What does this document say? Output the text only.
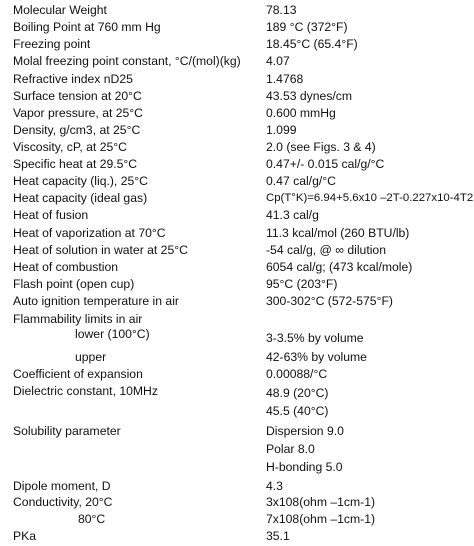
Molecular Weight	78.13
Boiling Point at 760 mm Hg	189 °C (372°F)
Freezing point	18.45°C (65.4°F)
Molal freezing point constant, °C/(mol)(kg) 4.07
Refractive index nD25	1.4768
Surface tension at 20°C	43.53 dynes/cm
Vapor pressure, at 25°C	0.600 mmHg
Density, g/cm3, at 25°C	1.099
Viscosity, cP, at 25°C	2.0 (see Figs. 3 & 4)
Specific heat at 29.5°C	0.47+/- 0.015 cal/g/°C
Heat capacity (liq.), 25°C	0.47 cal/g/°C
Heat capacity (ideal gas)	Cp(T°K)=6.94+5.6x10 –2T-0.227x10-4T2
Heat of fusion	41.3 cal/g
Heat of vaporization at 70°C	11.3 kcal/mol (260 BTU/lb)
Heat of solution in water at 25°C	-54 cal/g, @ ∞ dilution
Heat of combustion	6054 cal/g; (473 kcal/mole)
Flash point (open cup)	95°C (203°F)
Auto ignition temperature in air	300-302°C (572-575°F)
Flammability limits in air
lower (100°C)	3-3.5% by volume
upper	42-63% by volume
Coefficient of expansion	0.00088/°C
Dielectric constant, 10MHz	48.9 (20°C)
45.5 (40°C)
Solubility parameter	Dispersion 9.0
Polar 8.0
H-bonding 5.0
Dipole moment, D	4.3
Conductivity, 20°C	3x108(ohm –1cm-1)
80°C	7x108(ohm –1cm-1)
PKa	35.1
